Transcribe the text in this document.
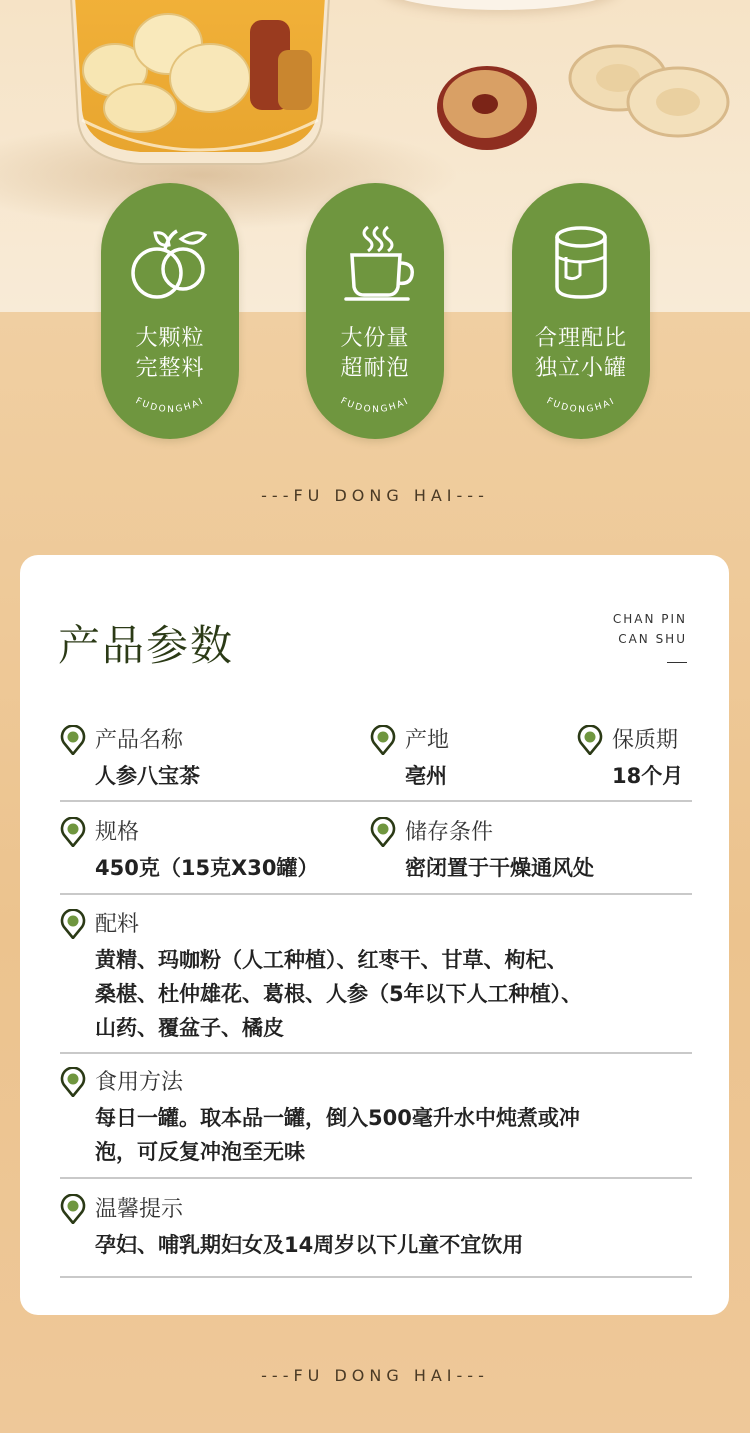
大颗粒
完整料
FUDONGHAI
大份量
超耐泡
FUDONGHAI
合理配比
独立小罐
FUDONGHAI
---FU DONG HAI---
产品参数
CHAN PIN
CAN SHU
产品名称
人参八宝茶
产地
亳州
保质期
18个月
规格
450克（15克X30罐）
储存条件
密闭置于干燥通风处
配料
黄精、玛咖粉（人工种植）、红枣干、甘草、枸杞、
桑椹、杜仲雄花、葛根、人参（5年以下人工种植）、
山药、覆盆子、橘皮
食用方法
每日一罐。取本品一罐，倒入500毫升水中炖煮或冲
泡，可反复冲泡至无味
温馨提示
孕妇、哺乳期妇女及14周岁以下儿童不宜饮用
---FU DONG HAI---
